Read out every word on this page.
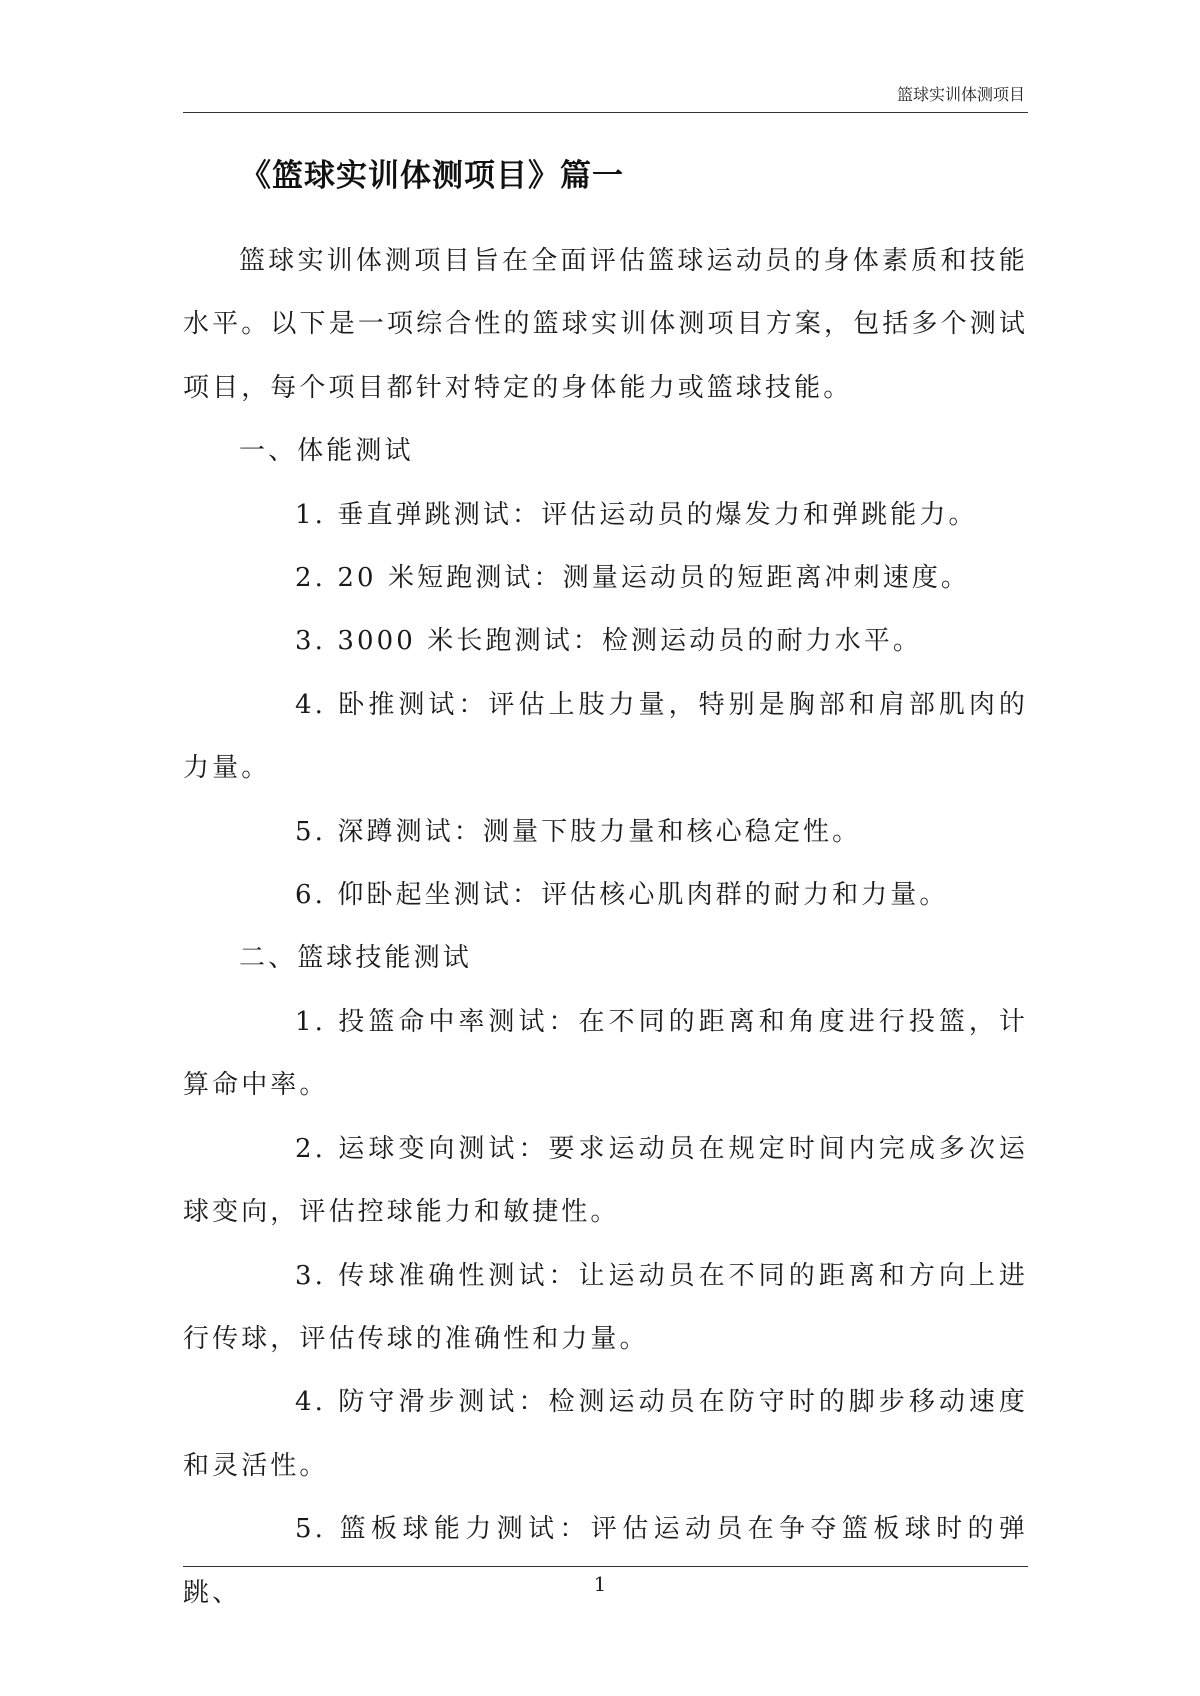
篮球实训体测项目
《篮球实训体测项目》篇一

篮球实训体测项目旨在全面评估篮球运动员的身体素质和技能水平。以下是一项综合性的篮球实训体测项目方案，包括多个测试项目，每个项目都针对特定的身体能力或篮球技能。

一、体能测试

1. 垂直弹跳测试：评估运动员的爆发力和弹跳能力。

2. 20 米短跑测试：测量运动员的短距离冲刺速度。

3. 3000 米长跑测试：检测运动员的耐力水平。

4. 卧推测试：评估上肢力量，特别是胸部和肩部肌肉的力量。

5. 深蹲测试：测量下肢力量和核心稳定性。

6. 仰卧起坐测试：评估核心肌肉群的耐力和力量。

二、篮球技能测试

1. 投篮命中率测试：在不同的距离和角度进行投篮，计算命中率。

2. 运球变向测试：要求运动员在规定时间内完成多次运球变向，评估控球能力和敏捷性。

3. 传球准确性测试：让运动员在不同的距离和方向上进行传球，评估传球的准确性和力量。

4. 防守滑步测试：检测运动员在防守时的脚步移动速度和灵活性。

5. 篮板球能力测试：评估运动员在争夺篮板球时的弹跳、	1
